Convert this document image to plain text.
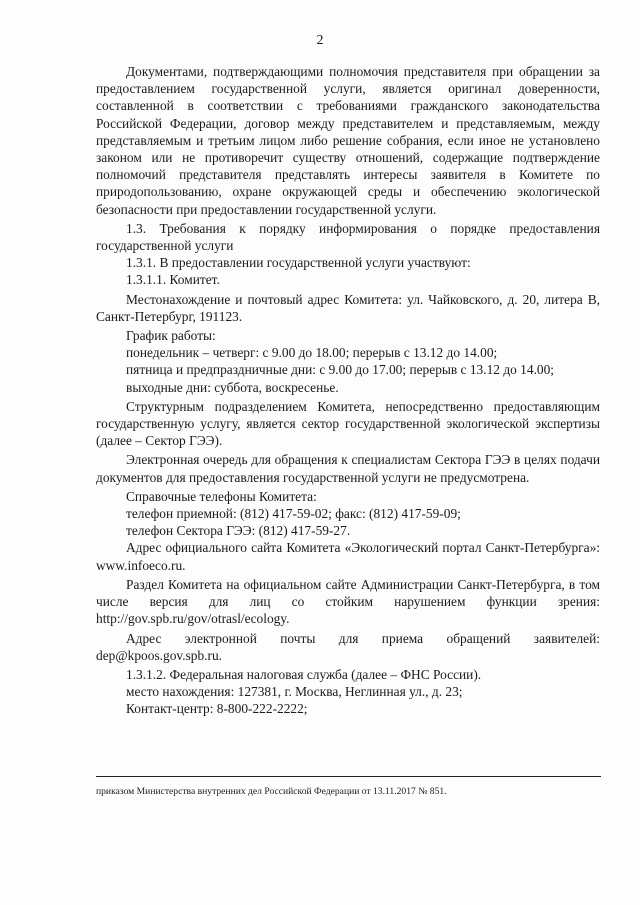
2

Документами, подтверждающими полномочия представителя при обращении за предоставлением государственной услуги, является оригинал доверенности, составленной в соответствии с требованиями гражданского законодательства Российской Федерации, договор между представителем и представляемым, между представляемым и третьим лицом либо решение собрания, если иное не установлено законом или не противоречит существу отношений, содержащие подтверждение полномочий представителя представлять интересы заявителя в Комитете по природопользованию, охране окружающей среды и обеспечению экологической безопасности при предоставлении государственной услуги.

1.3. Требования к порядку информирования о порядке предоставления государственной услуги

1.3.1. В предоставлении государственной услуги участвуют:

1.3.1.1. Комитет.

Местонахождение и почтовый адрес Комитета: ул. Чайковского, д. 20, литера В, Санкт-Петербург, 191123.

График работы:

понедельник – четверг: с 9.00 до 18.00; перерыв с 13.12 до 14.00;

пятница и предпраздничные дни: с 9.00 до 17.00; перерыв с 13.12 до 14.00;

выходные дни: суббота, воскресенье.

Структурным подразделением Комитета, непосредственно предоставляющим государственную услугу, является сектор государственной экологической экспертизы (далее – Сектор ГЭЭ).

Электронная очередь для обращения к специалистам Сектора ГЭЭ в целях подачи документов для предоставления государственной услуги не предусмотрена.

Справочные телефоны Комитета:

телефон приемной: (812) 417-59-02; факс: (812) 417-59-09;

телефон Сектора ГЭЭ: (812) 417-59-27.

Адрес официального сайта Комитета «Экологический портал Санкт-Петербурга»: www.infoeco.ru.

Раздел Комитета на официальном сайте Администрации Санкт-Петербурга, в том числе версия для лиц со стойким нарушением функции зрения: http://gov.spb.ru/gov/otrasl/ecology.

Адрес электронной почты для приема обращений заявителей: dep@kpoos.gov.spb.ru.

1.3.1.2. Федеральная налоговая служба (далее – ФНС России).

место нахождения: 127381, г. Москва, Неглинная ул., д. 23;

Контакт-центр: 8-800-222-2222;

приказом Министерства внутренних дел Российской Федерации от 13.11.2017 № 851.
